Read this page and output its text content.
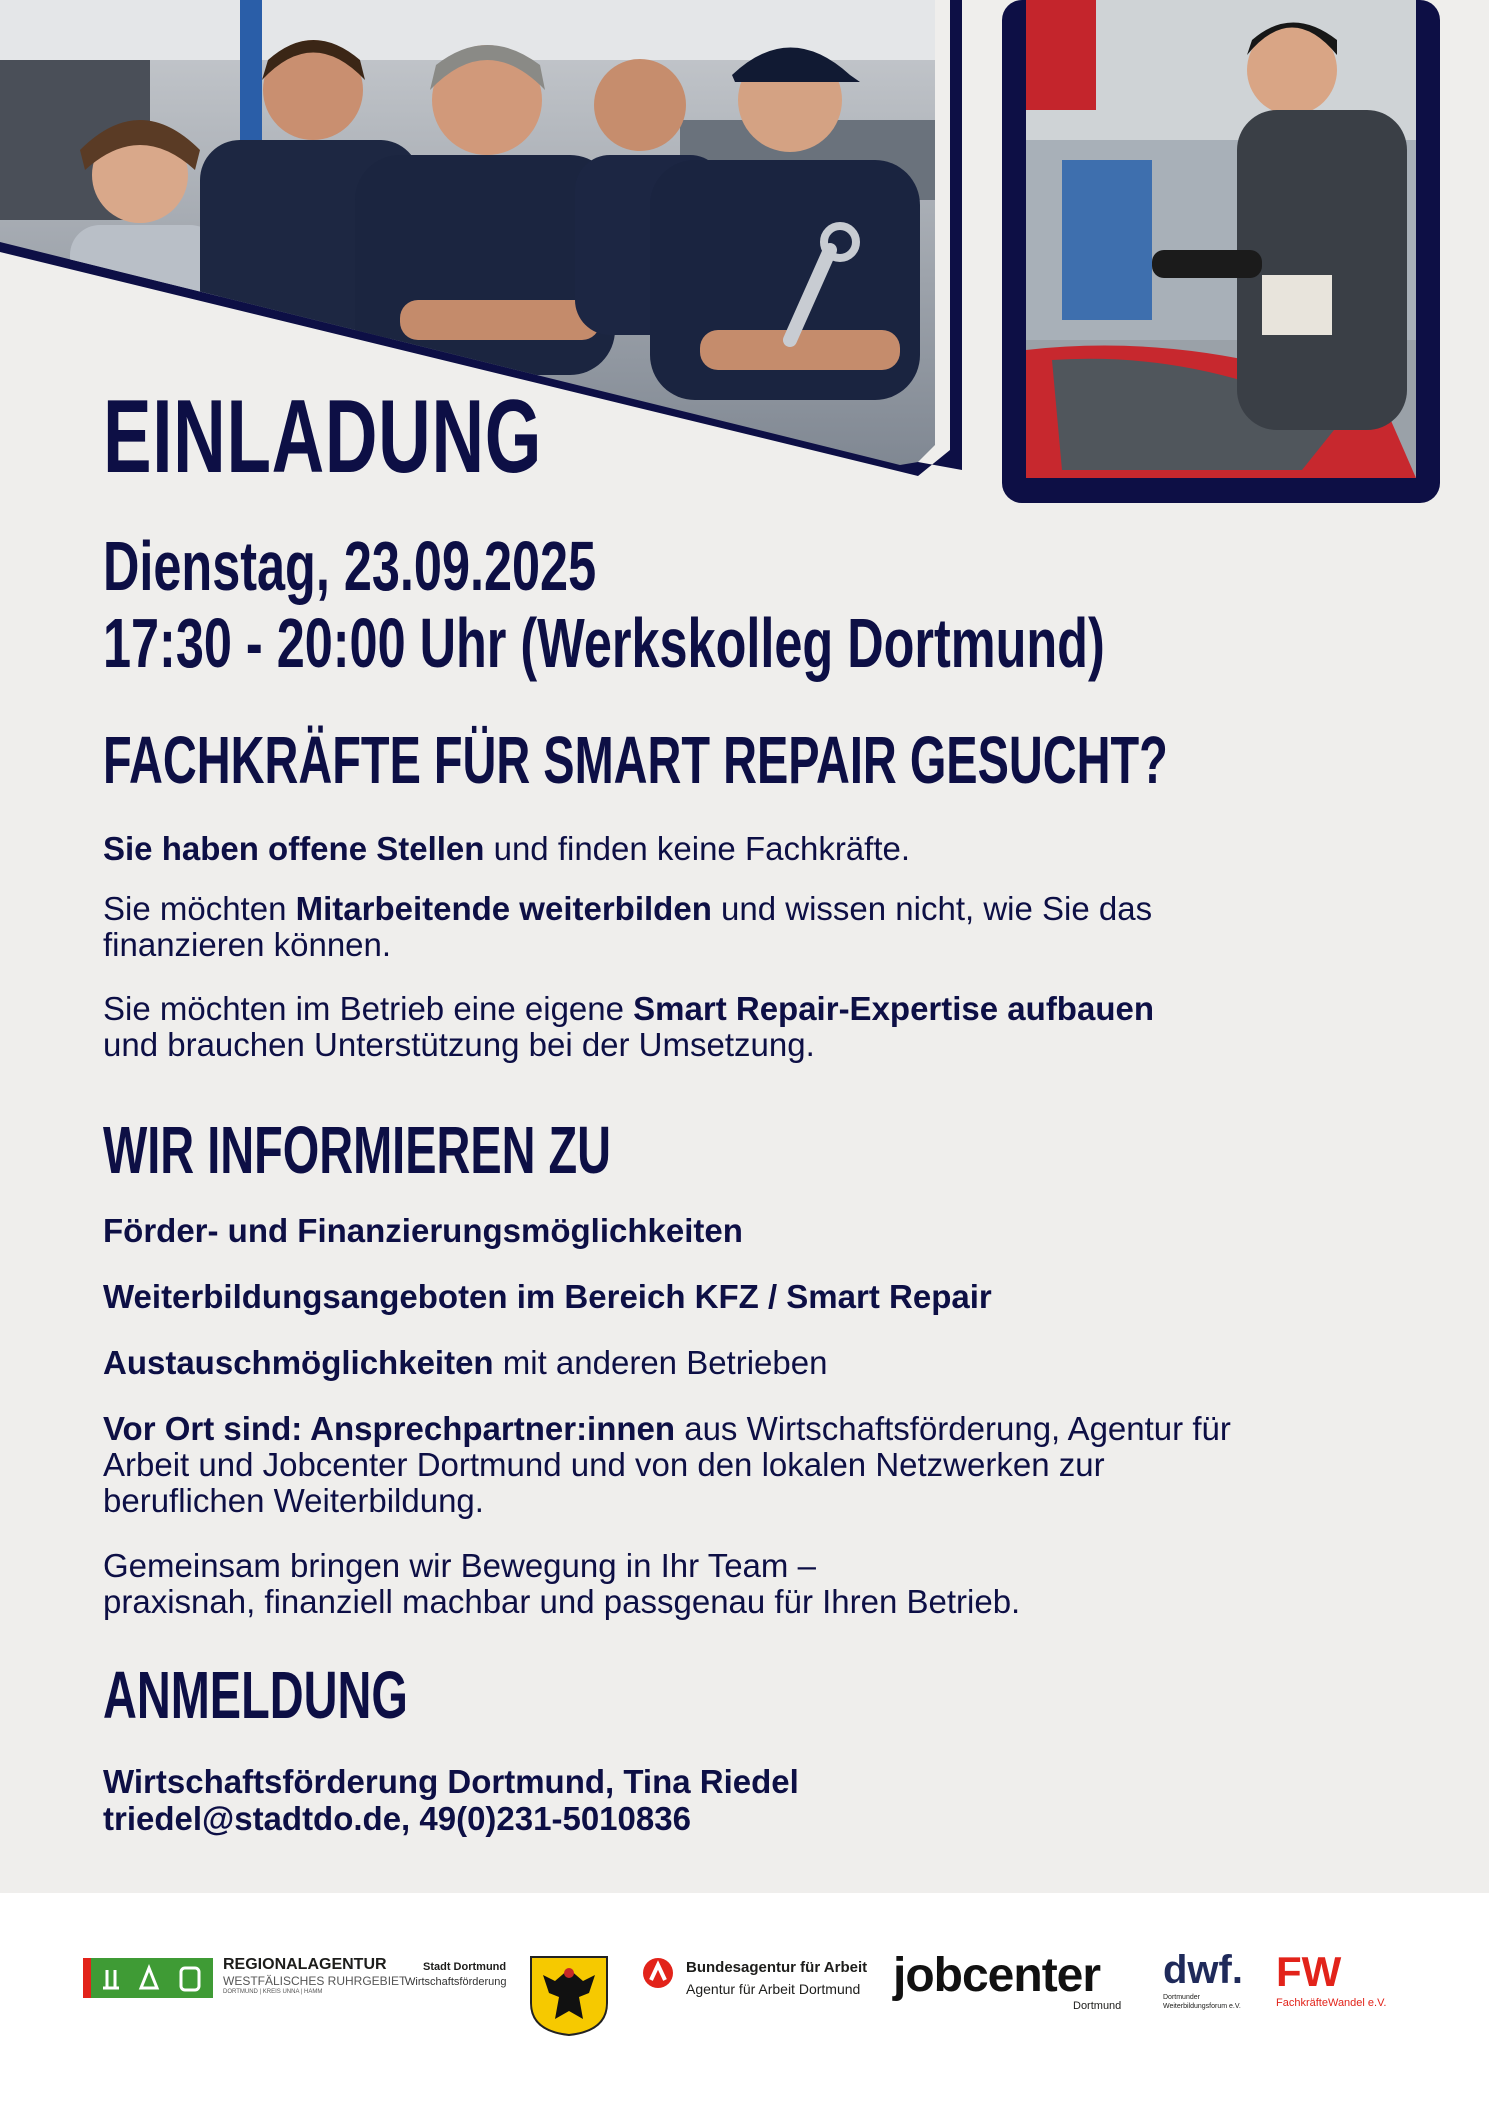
EINLADUNG
Dienstag, 23.09.2025
17:30 - 20:00 Uhr (Werkskolleg Dortmund)
FACHKRÄFTE FÜR SMART REPAIR GESUCHT?

Sie haben offene Stellen und finden keine Fachkräfte.

Sie möchten Mitarbeitende weiterbilden und wissen nicht, wie Sie das
finanzieren können.

Sie möchten im Betrieb eine eigene Smart Repair-Expertise aufbauen
und brauchen Unterstützung bei der Umsetzung.

WIR INFORMIEREN ZU

Förder- und Finanzierungsmöglichkeiten

Weiterbildungsangeboten im Bereich KFZ / Smart Repair

Austauschmöglichkeiten mit anderen Betrieben

Vor Ort sind: Ansprechpartner:innen aus Wirtschaftsförderung, Agentur für
Arbeit und Jobcenter Dortmund und von den lokalen Netzwerken zur
beruflichen Weiterbildung.

Gemeinsam bringen wir Bewegung in Ihr Team –
praxisnah, finanziell machbar und passgenau für Ihren Betrieb.

ANMELDUNG

Wirtschaftsförderung Dortmund, Tina Riedel
triedel@stadtdo.de, 49(0)231-5010836

REGIONALAGENTUR
WESTFÄLISCHES RUHRGEBIET
DORTMUND | KREIS UNNA | HAMM
Stadt Dortmund
Wirtschaftsförderung
Bundesagentur für Arbeit
Agentur für Arbeit Dortmund jobcenter
Dortmund
dwf.
Dortmunder
Weiterbildungsforum e.V.
FW
FachkräfteWandel e.V.
